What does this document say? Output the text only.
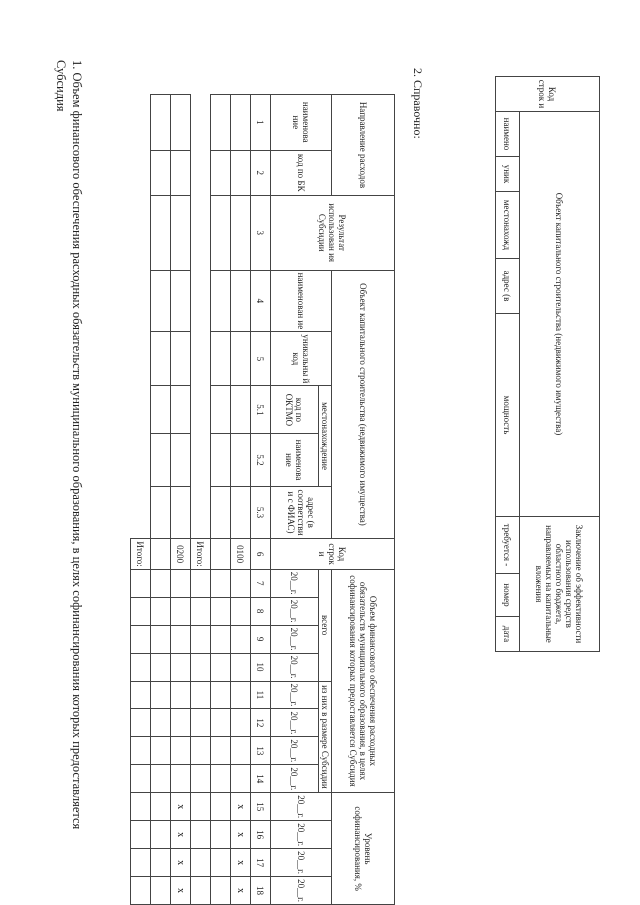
1. Объем финансового обеспечения расходных обязательств муниципального образования, в целях софинансирования которых предоставляется Субсидия
Направление расходов		Результат использован ия Субсидии	Объект капитального строительства (недвижимого имущества)					Код строк и	Объем финансового обеспечения расходных обязательств муниципального образования, в целях софинансирования которых предоставляется Субсидия								Уровень софинансирования, %			
наименова ние	код по БК		наименован ие	уникальны й код	местонахождение		адрес (в соответстви и с ФИАС)		всего				из них в размере Субсидии				20__г.	20__г.	20__г.	20__г.
					код по ОКТМО	наименова ние			20__г.	20__г.	20__г.	20__г.	20__г.	20__г.	20__г.	20__г.				
1	2	3	4	5	5.1	5.2	5.3	6	7	8	9	10	11	12	13	14	15	16	17	18
								0100									x	x	x	x

								Итого:												
								0200									x	x	x	x

								Итого:												
2. Справочно:	Код строк и	Объект капитального строительства (недвижимого имущества)					Заключение об эффективности использования средств областного бюджета, направляемых на капитальные вложения		
	наимено	уник	местонахожд	адрес (в	мощность	требуется -	номер	дата
